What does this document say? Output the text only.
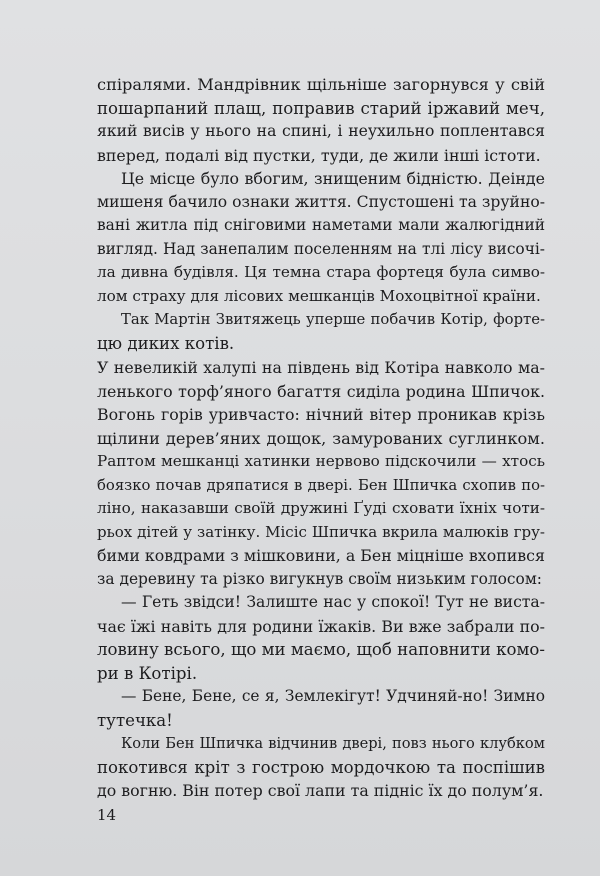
спіралями. Мандрівник щільніше загорнувся у свій
пошарпаний плащ, поправив старий іржавий меч,
який висів у нього на спині, і неухильно поплентався
вперед, подалі від пустки, туди, де жили інші істоти.
Це місце було вбогим, знищеним бідністю. Деінде
мишеня бачило ознаки життя. Спустошені та зруйно-
вані житла під сніговими наметами мали жалюгідний
вигляд. Над занепалим поселенням на тлі лісу височі-
ла дивна будівля. Ця темна стара фортеця була симво-
лом страху для лісових мешканців Мохоцвітної країни.
Так Мартін Звитяжець уперше побачив Котір, форте-
цю диких котів.
У невеликій халупі на південь від Котіра навколо ма-
ленького торф’яного багаття сиділа родина Шпичок.
Вогонь горів уривчасто: нічний вітер проникав крізь
щілини дерев’яних дощок, замурованих суглинком.
Раптом мешканці хатинки нервово підскочили — хтось
боязко почав дряпатися в двері. Бен Шпичка схопив по-
ліно, наказавши своїй дружині Ґуді сховати їхніх чоти-
рьох дітей у затінку. Місіс Шпичка вкрила малюків гру-
бими ковдрами з мішковини, а Бен міцніше вхопився
за деревину та різко вигукнув своїм низьким голосом:
— Геть звідси! Залиште нас у спокої! Тут не виста-
чає їжі навіть для родини їжаків. Ви вже забрали по-
ловину всього, що ми маємо, щоб наповнити комо-
ри в Котірі.
— Бене, Бене, се я, Землекігут! Удчиняй-но! Зимно
тутечка!
Коли Бен Шпичка відчинив двері, повз нього клубком
покотився кріт з гострою мордочкою та поспішив
до вогню. Він потер свої лапи та підніс їх до полум’я.
14
